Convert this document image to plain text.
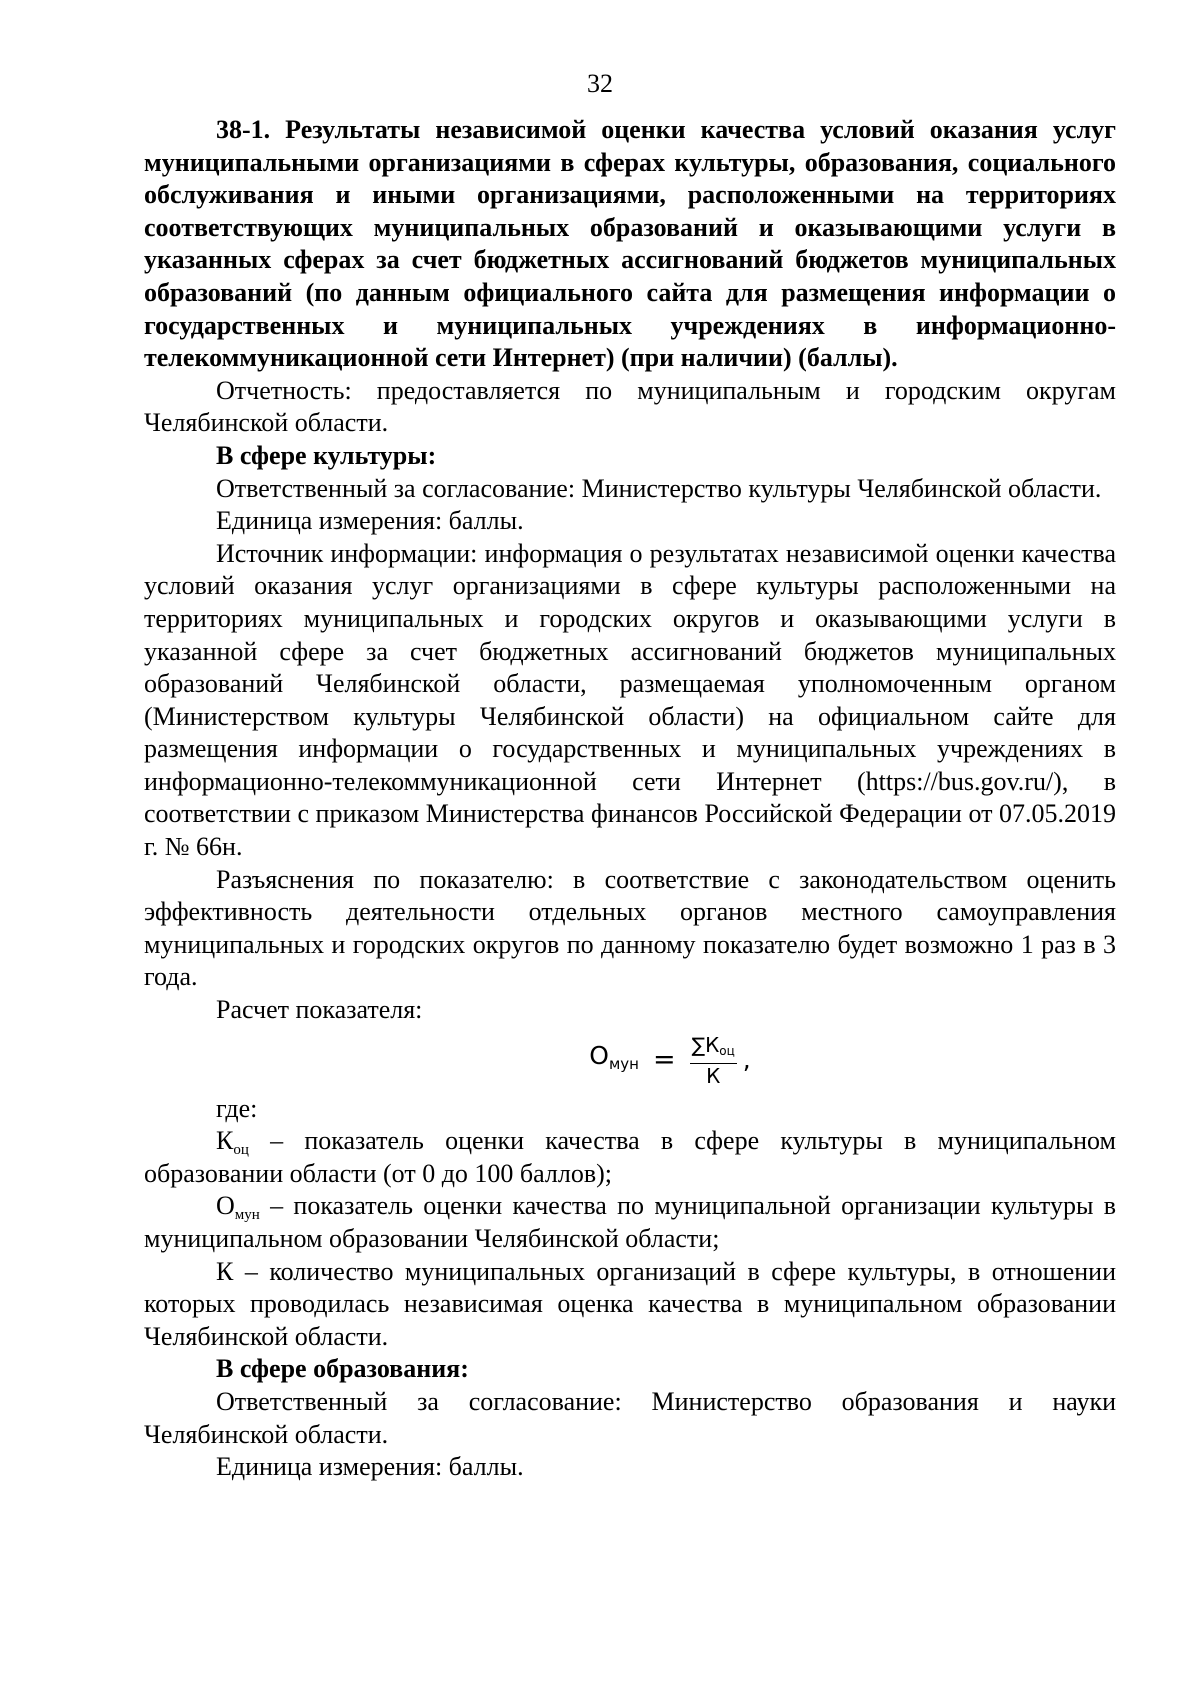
32

38-1. Результаты независимой оценки качества условий оказания услуг муниципальными организациями в сферах культуры, образования, социального обслуживания и иными организациями, расположенными на территориях соответствующих муниципальных образований и оказывающими услуги в указанных сферах за счет бюджетных ассигнований бюджетов муниципальных образований (по данным официального сайта для размещения информации о государственных и муниципальных учреждениях в информационно-телекоммуникационной сети Интернет) (при наличии) (баллы).

Отчетность: предоставляется по муниципальным и городским округам Челябинской области.

В сфере культуры:

Ответственный за согласование: Министерство культуры Челябинской области.

Единица измерения: баллы.

Источник информации: информация о результатах независимой оценки качества условий оказания услуг организациями в сфере культуры расположенными на территориях муниципальных и городских округов и оказывающими услуги в указанной сфере за счет бюджетных ассигнований бюджетов муниципальных образований Челябинской области, размещаемая уполномоченным органом (Министерством культуры Челябинской области) на официальном сайте для размещения информации о государственных и муниципальных учреждениях в информационно-телекоммуникационной сети Интернет (https://bus.gov.ru/), в соответствии с приказом Министерства финансов Российской Федерации от 07.05.2019 г. № 66н.

Разъяснения по показателю: в соответствие с законодательством оценить эффективность деятельности отдельных органов местного самоуправления муниципальных и городских округов по данному показателю будет возможно 1 раз в 3 года.

Расчет показателя:

$O_{мун} = \frac{\sum К_{оц}}{К}$ ,

где:

$К_{оц}$ – показатель оценки качества в сфере культуры в муниципальном образовании области (от 0 до 100 баллов);

$О_{мун}$ – показатель оценки качества по муниципальной организации культуры в муниципальном образовании Челябинской области;

К – количество муниципальных организаций в сфере культуры, в отношении которых проводилась независимая оценка качества в муниципальном образовании Челябинской области.

В сфере образования:

Ответственный за согласование: Министерство образования и науки Челябинской области.

Единица измерения: баллы.
